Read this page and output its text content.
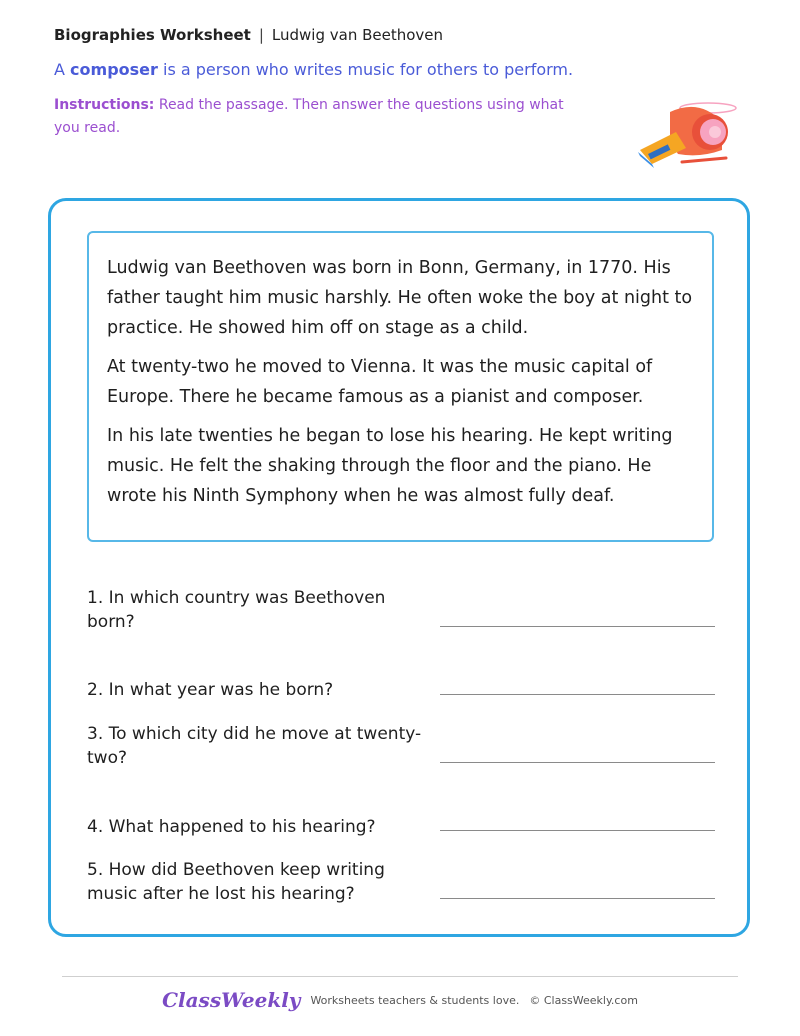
Biographies Worksheet | Ludwig van Beethoven
A composer is a person who writes music for others to perform.
Instructions: Read the passage. Then answer the questions using what you read.

Ludwig van Beethoven was born in Bonn, Germany, in 1770. His father taught him music harshly. He often woke the boy at night to practice. He showed him off on stage as a child.

At twenty-two he moved to Vienna. It was the music capital of Europe. There he became famous as a pianist and composer.

In his late twenties he began to lose his hearing. He kept writing music. He felt the shaking through the floor and the piano. He wrote his Ninth Symphony when he was almost fully deaf.

1. In which country was Beethoven born?
2. In what year was he born?
3. To which city did he move at twenty-two?
4. What happened to his hearing?
5. How did Beethoven keep writing music after he lost his hearing?
ClassWeekly Worksheets teachers & students love. © ClassWeekly.com
